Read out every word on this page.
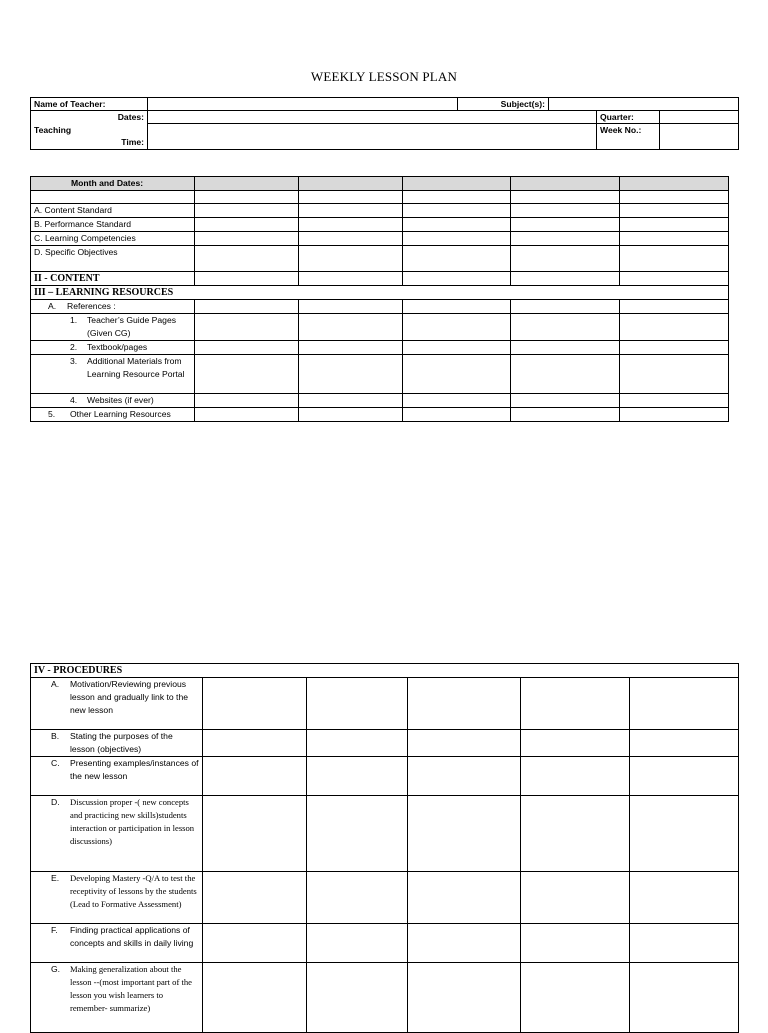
WEEKLY LESSON PLAN
Name of Teacher:		Subject(s):			
Dates:				Quarter:	

Teaching
Time:				Week No.:	
Month and Dates:					

A. Content Standard					
B. Performance Standard					
C. Learning Competencies					
D. Specific Objectives					
II - CONTENT					
III – LEARNING RESOURCES					

A. References :					

1. Teacher’s Guide Pages (Given CG)					

2. Textbook/pages					

3. Additional Materials from Learning Resource Portal					

4. Websites (if ever)					

5. Other Learning Resources					

IV - PROCEDURES					

A. Motivation/Reviewing previous lesson and gradually link to the new lesson					

B. Stating the purposes of the lesson (objectives)					

C. Presenting examples/instances of the new lesson					

D. Discussion proper -( new concepts and practicing new skills)students interaction or participation in lesson discussions)					

E. Developing Mastery -Q/A to test the receptivity of lessons by the students (Lead to Formative Assessment)					

F. Finding practical applications of concepts and skills in daily living					

G. Making generalization about the lesson --(most important part of the lesson you wish learners to remember- summarize)					
